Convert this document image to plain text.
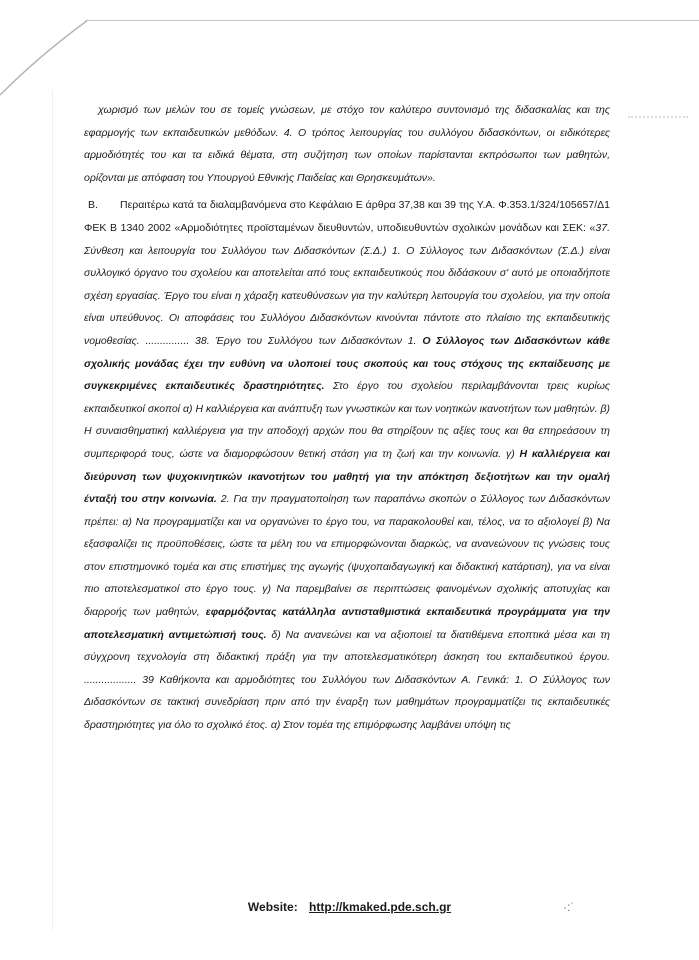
χωρισμό των μελών του σε τομείς γνώσεων, με στόχο τον καλύτερο συντονισμό της διδασκαλίας και της εφαρμογής των εκπαιδευτικών μεθόδων. 4. Ο τρόπος λειτουργίας του συλλόγου διδασκόντων, οι ειδικότερες αρμοδιότητές του και τα ειδικά θέματα, στη συζήτηση των οποίων παρίστανται εκπρόσωποι των μαθητών, ορίζονται με απόφαση του Υπουργού Εθνικής Παιδείας και Θρησκευμάτων».

Β. Περαιτέρω κατά τα διαλαμβανόμενα στο Κεφάλαιο Ε άρθρα 37,38 και 39 της Υ.Α. Φ.353.1/324/105657/Δ1 ΦΕΚ Β 1340 2002 «Αρμοδιότητες προϊσταμένων διευθυντών, υποδιευθυντών σχολικών μονάδων και ΣΕΚ: «37. Σύνθεση και λειτουργία του Συλλόγου των Διδασκόντων (Σ.Δ.) 1. Ο Σύλλογος των Διδασκόντων (Σ.Δ.) είναι συλλογικό όργανο του σχολείου και αποτελείται από τους εκπαιδευτικούς που διδάσκουν σ' αυτό με οποιαδήποτε σχέση εργασίας. Έργο του είναι η χάραξη κατευθύνσεων για την καλύτερη λειτουργία του σχολείου, για την οποία είναι υπεύθυνος. Οι αποφάσεις του Συλλόγου Διδασκόντων κινούνται πάντοτε στο πλαίσιο της εκπαιδευτικής νομοθεσίας. ............... 38. Έργο του Συλλόγου των Διδασκόντων 1. Ο Σύλλογος των Διδασκόντων κάθε σχολικής μονάδας έχει την ευθύνη να υλοποιεί τους σκοπούς και τους στόχους της εκπαίδευσης με συγκεκριμένες εκπαιδευτικές δραστηριότητες. Στο έργο του σχολείου περιλαμβάνονται τρεις κυρίως εκπαιδευτικοί σκοποί α) Η καλλιέργεια και ανάπτυξη των γνωστικών και των νοητικών ικανοτήτων των μαθητών. β) Η συναισθηματική καλλιέργεια για την αποδοχή αρχών που θα στηρίξουν τις αξίες τους και θα επηρεάσουν τη συμπεριφορά τους, ώστε να διαμορφώσουν θετική στάση για τη ζωή και την κοινωνία. γ) Η καλλιέργεια και διεύρυνση των ψυχοκινητικών ικανοτήτων του μαθητή για την απόκτηση δεξιοτήτων και την ομαλή ένταξή του στην κοινωνία. 2. Για την πραγματοποίηση των παραπάνω σκοπών ο Σύλλογος των Διδασκόντων πρέπει: α) Να προγραμματίζει και να οργανώνει το έργο του, να παρακολουθεί και, τέλος, να το αξιολογεί β) Να εξασφαλίζει τις προϋποθέσεις, ώστε τα μέλη του να επιμορφώνονται διαρκώς, να ανανεώνουν τις γνώσεις τους στον επιστημονικό τομέα και στις επιστήμες της αγωγής (ψυχοπαιδαγωγική και διδακτική κατάρτιση), για να είναι πιο αποτελεσματικοί στο έργο τους. γ) Να παρεμβαίνει σε περιπτώσεις φαινομένων σχολικής αποτυχίας και διαρροής των μαθητών, εφαρμόζοντας κατάλληλα αντισταθμιστικά εκπαιδευτικά προγράμματα για την αποτελεσματική αντιμετώπισή τους. δ) Να ανανεώνει και να αξιοποιεί τα διατιθέμενα εποπτικά μέσα και τη σύγχρονη τεχνολογία στη διδακτική πράξη για την αποτελεσματικότερη άσκηση του εκπαιδευτικού έργου. .................. 39 Καθήκοντα και αρμοδιότητες του Συλλόγου των Διδασκόντων Α. Γενικά: 1. Ο Σύλλογος των Διδασκόντων σε τακτική συνεδρίαση πριν από την έναρξη των μαθημάτων προγραμματίζει τις εκπαιδευτικές δραστηριότητες για όλο το σχολικό έτος. α) Στον τομέα της επιμόρφωσης λαμβάνει υπόψη τις

·:˙
Website: http://kmaked.pde.sch.gr
